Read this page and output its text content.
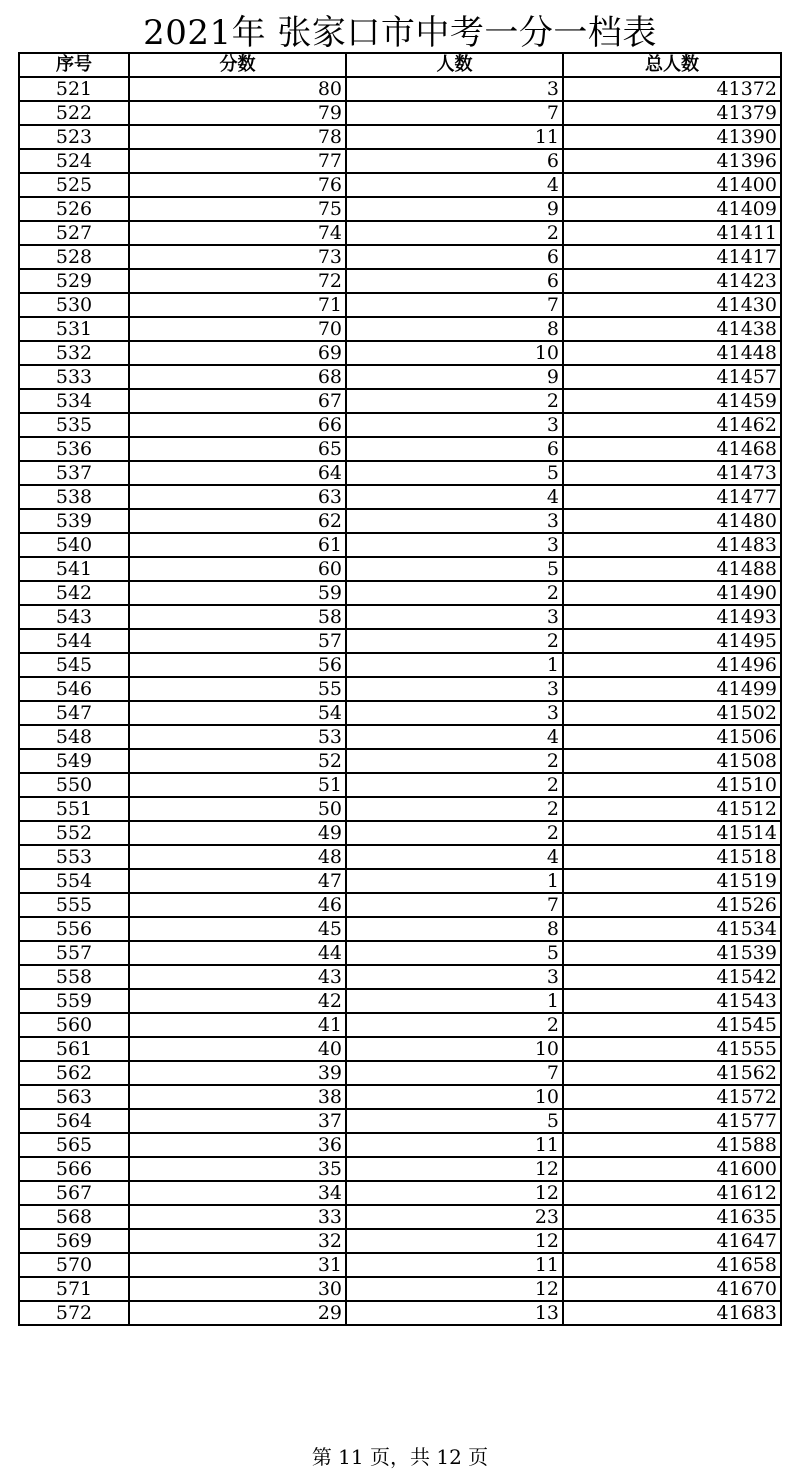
2021年 张家口市中考一分一档表
序号	分数	人数	总人数
521	80	3	41372
522	79	7	41379
523	78	11	41390
524	77	6	41396
525	76	4	41400
526	75	9	41409
527	74	2	41411
528	73	6	41417
529	72	6	41423
530	71	7	41430
531	70	8	41438
532	69	10	41448
533	68	9	41457
534	67	2	41459
535	66	3	41462
536	65	6	41468
537	64	5	41473
538	63	4	41477
539	62	3	41480
540	61	3	41483
541	60	5	41488
542	59	2	41490
543	58	3	41493
544	57	2	41495
545	56	1	41496
546	55	3	41499
547	54	3	41502
548	53	4	41506
549	52	2	41508
550	51	2	41510
551	50	2	41512
552	49	2	41514
553	48	4	41518
554	47	1	41519
555	46	7	41526
556	45	8	41534
557	44	5	41539
558	43	3	41542
559	42	1	41543
560	41	2	41545
561	40	10	41555
562	39	7	41562
563	38	10	41572
564	37	5	41577
565	36	11	41588
566	35	12	41600
567	34	12	41612
568	33	23	41635
569	32	12	41647
570	31	11	41658
571	30	12	41670
572	29	13	41683
第 11 页，共 12 页
